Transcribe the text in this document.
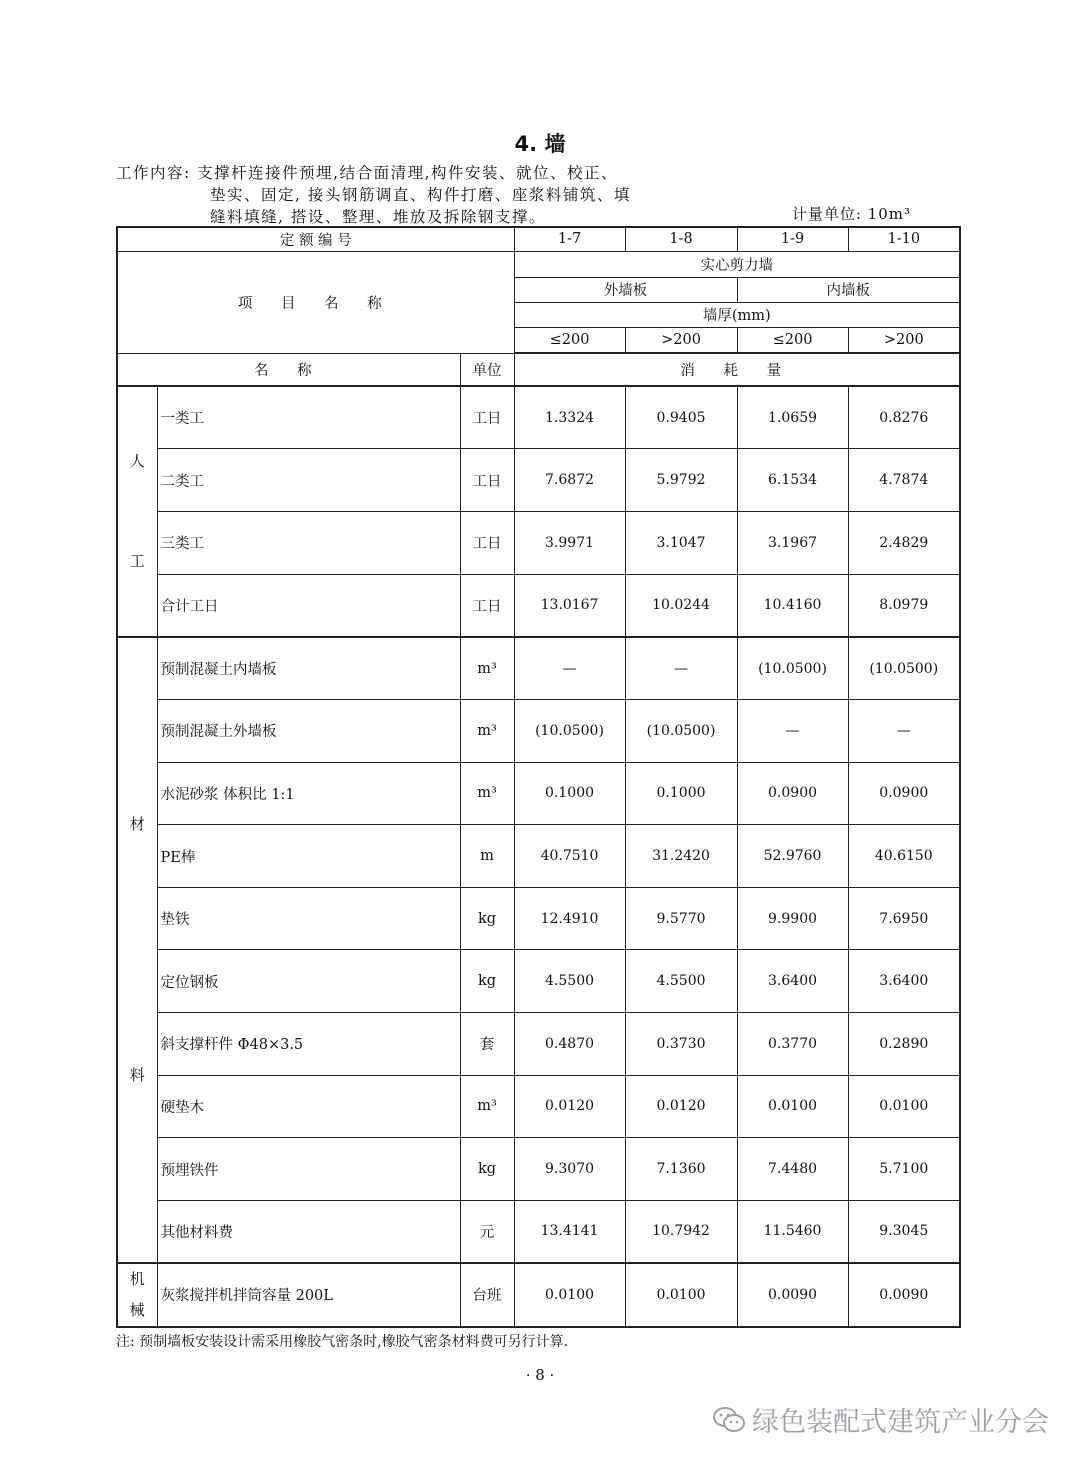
4. 墙
工作内容: 支撑杆连接件预埋,结合面清理,构件安装、就位、校正、
垫实、固定, 接头钢筋调直、构件打磨、座浆料铺筑、填
缝料填缝, 搭设、整理、堆放及拆除钢支撑。	计量单位: 10m³
定 额 编 号			1-7	1-8	1-9	1-10
项 目 名 称			实心剪力墙			
			外墙板		内墙板	
			墙厚(mm)			
			≤200	>200	≤200	>200
名 称		单位	消 耗 量			

人
工	一类工	工日	1.3324	0.9405	1.0659	0.8276
	二类工	工日	7.6872	5.9792	6.1534	4.7874
	三类工	工日	3.9971	3.1047	3.1967	2.4829
	合计工日	工日	13.0167	10.0244	10.4160	8.0979

材
料	预制混凝土内墙板	m³	—	—	(10.0500)	(10.0500)
	预制混凝土外墙板	m³	(10.0500)	(10.0500)	—	—
	水泥砂浆 体积比 1:1	m³	0.1000	0.1000	0.0900	0.0900
	PE棒	m	40.7510	31.2420	52.9760	40.6150
	垫铁	kg	12.4910	9.5770	9.9900	7.6950
	定位钢板	kg	4.5500	4.5500	3.6400	3.6400
	斜支撑杆件 Φ48×3.5	套	0.4870	0.3730	0.3770	0.2890
	硬垫木	m³	0.0120	0.0120	0.0100	0.0100
	预埋铁件	kg	9.3070	7.1360	7.4480	5.7100
	其他材料费	元	13.4141	10.7942	11.5460	9.3045

机
械	灰浆搅拌机拌筒容量 200L	台班	0.0100	0.0100	0.0090	0.0090
注: 预制墙板安装设计需采用橡胶气密条时,橡胶气密条材料费可另行计算.
· 8 ·
绿色装配式建筑产业分会
